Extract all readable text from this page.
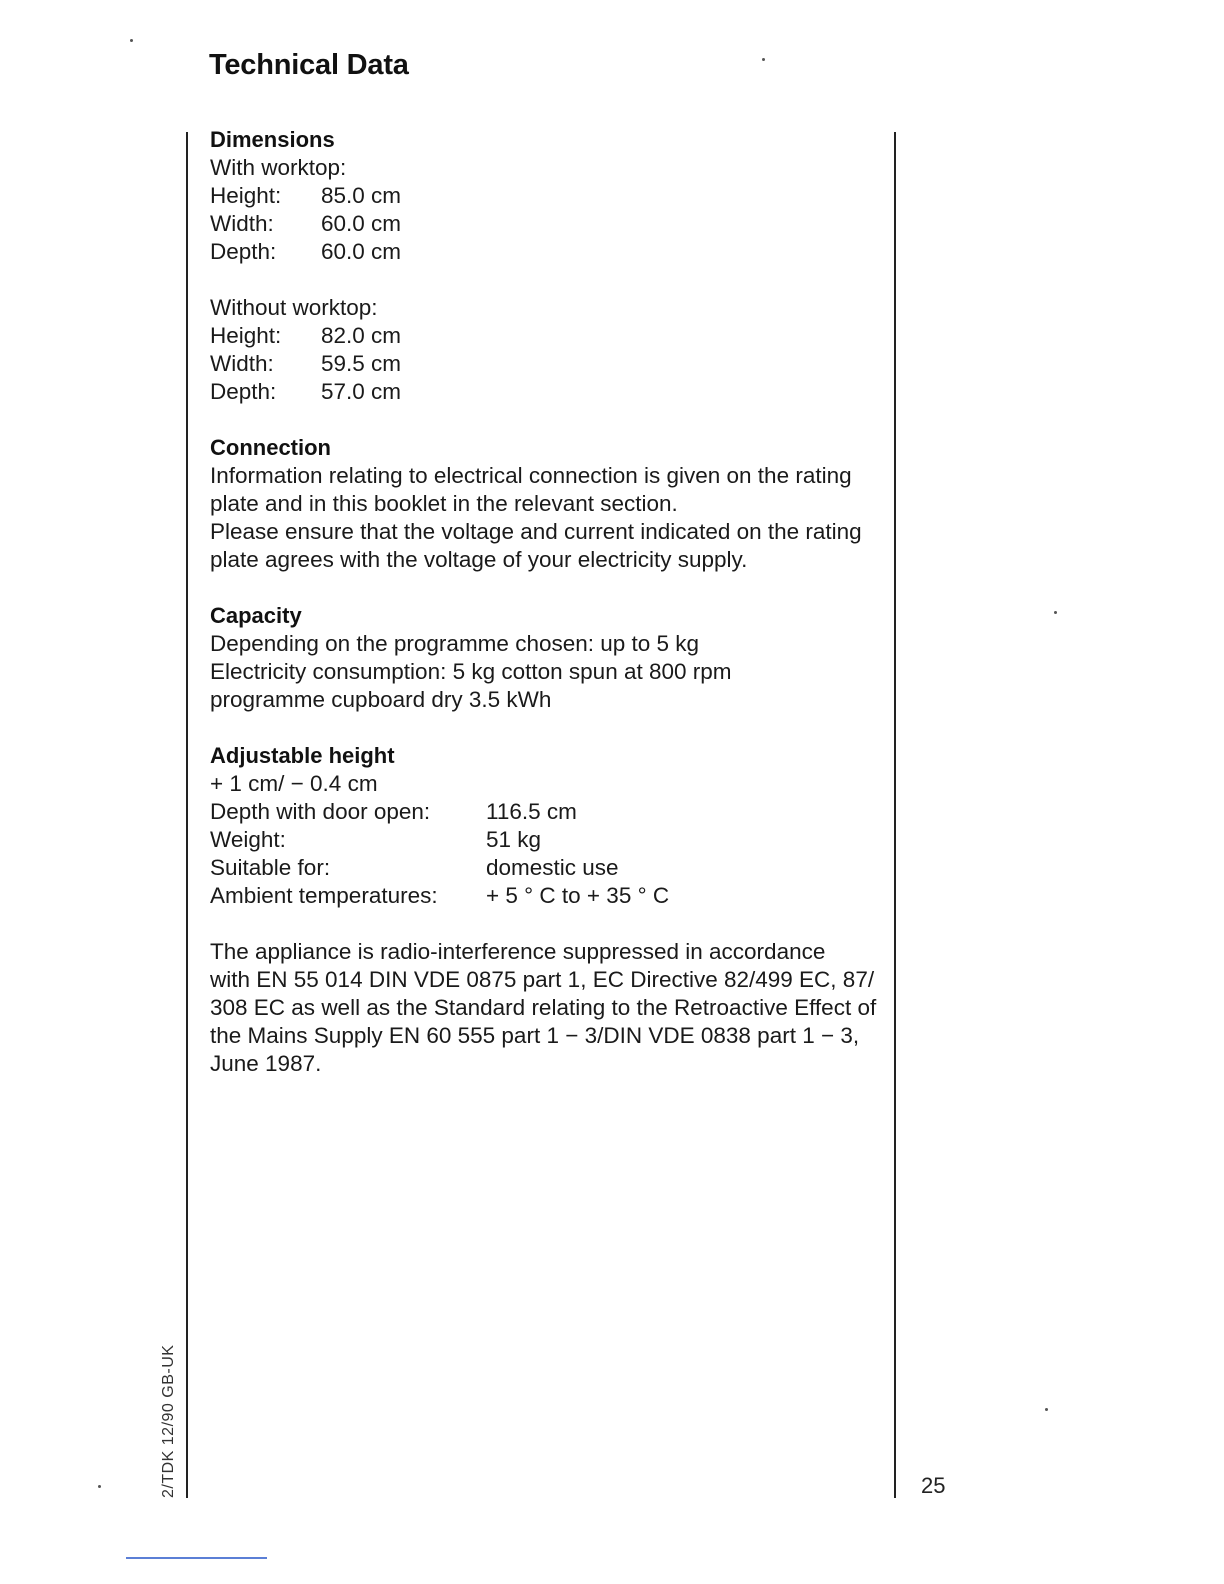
Technical Data
Dimensions
With worktop:
Height:	85.0 cm
Width:	60.0 cm
Depth:	60.0 cm
Without worktop:
Height:	82.0 cm
Width:	59.5 cm
Depth:	57.0 cm
Connection
Information relating to electrical connection is given on the rating
plate and in this booklet in the relevant section.
Please ensure that the voltage and current indicated on the rating
plate agrees with the voltage of your electricity supply.
Capacity
Depending on the programme chosen: up to 5 kg
Electricity consumption: 5 kg cotton spun at 800 rpm
programme cupboard dry 3.5 kWh
Adjustable height
+ 1 cm/ − 0.4 cm
Depth with door open:	116.5 cm
Weight:	51 kg
Suitable for:	domestic use
Ambient temperatures:	+ 5 ° C to + 35 ° C
The appliance is radio-interference suppressed in accordance
with EN 55 014 DIN VDE 0875 part 1, EC Directive 82/499 EC, 87/
308 EC as well as the Standard relating to the Retroactive Effect of
the Mains Supply EN 60 555 part 1 − 3/DIN VDE 0838 part 1 − 3,
June 1987.
2/TDK 12/90 GB-UK	25
